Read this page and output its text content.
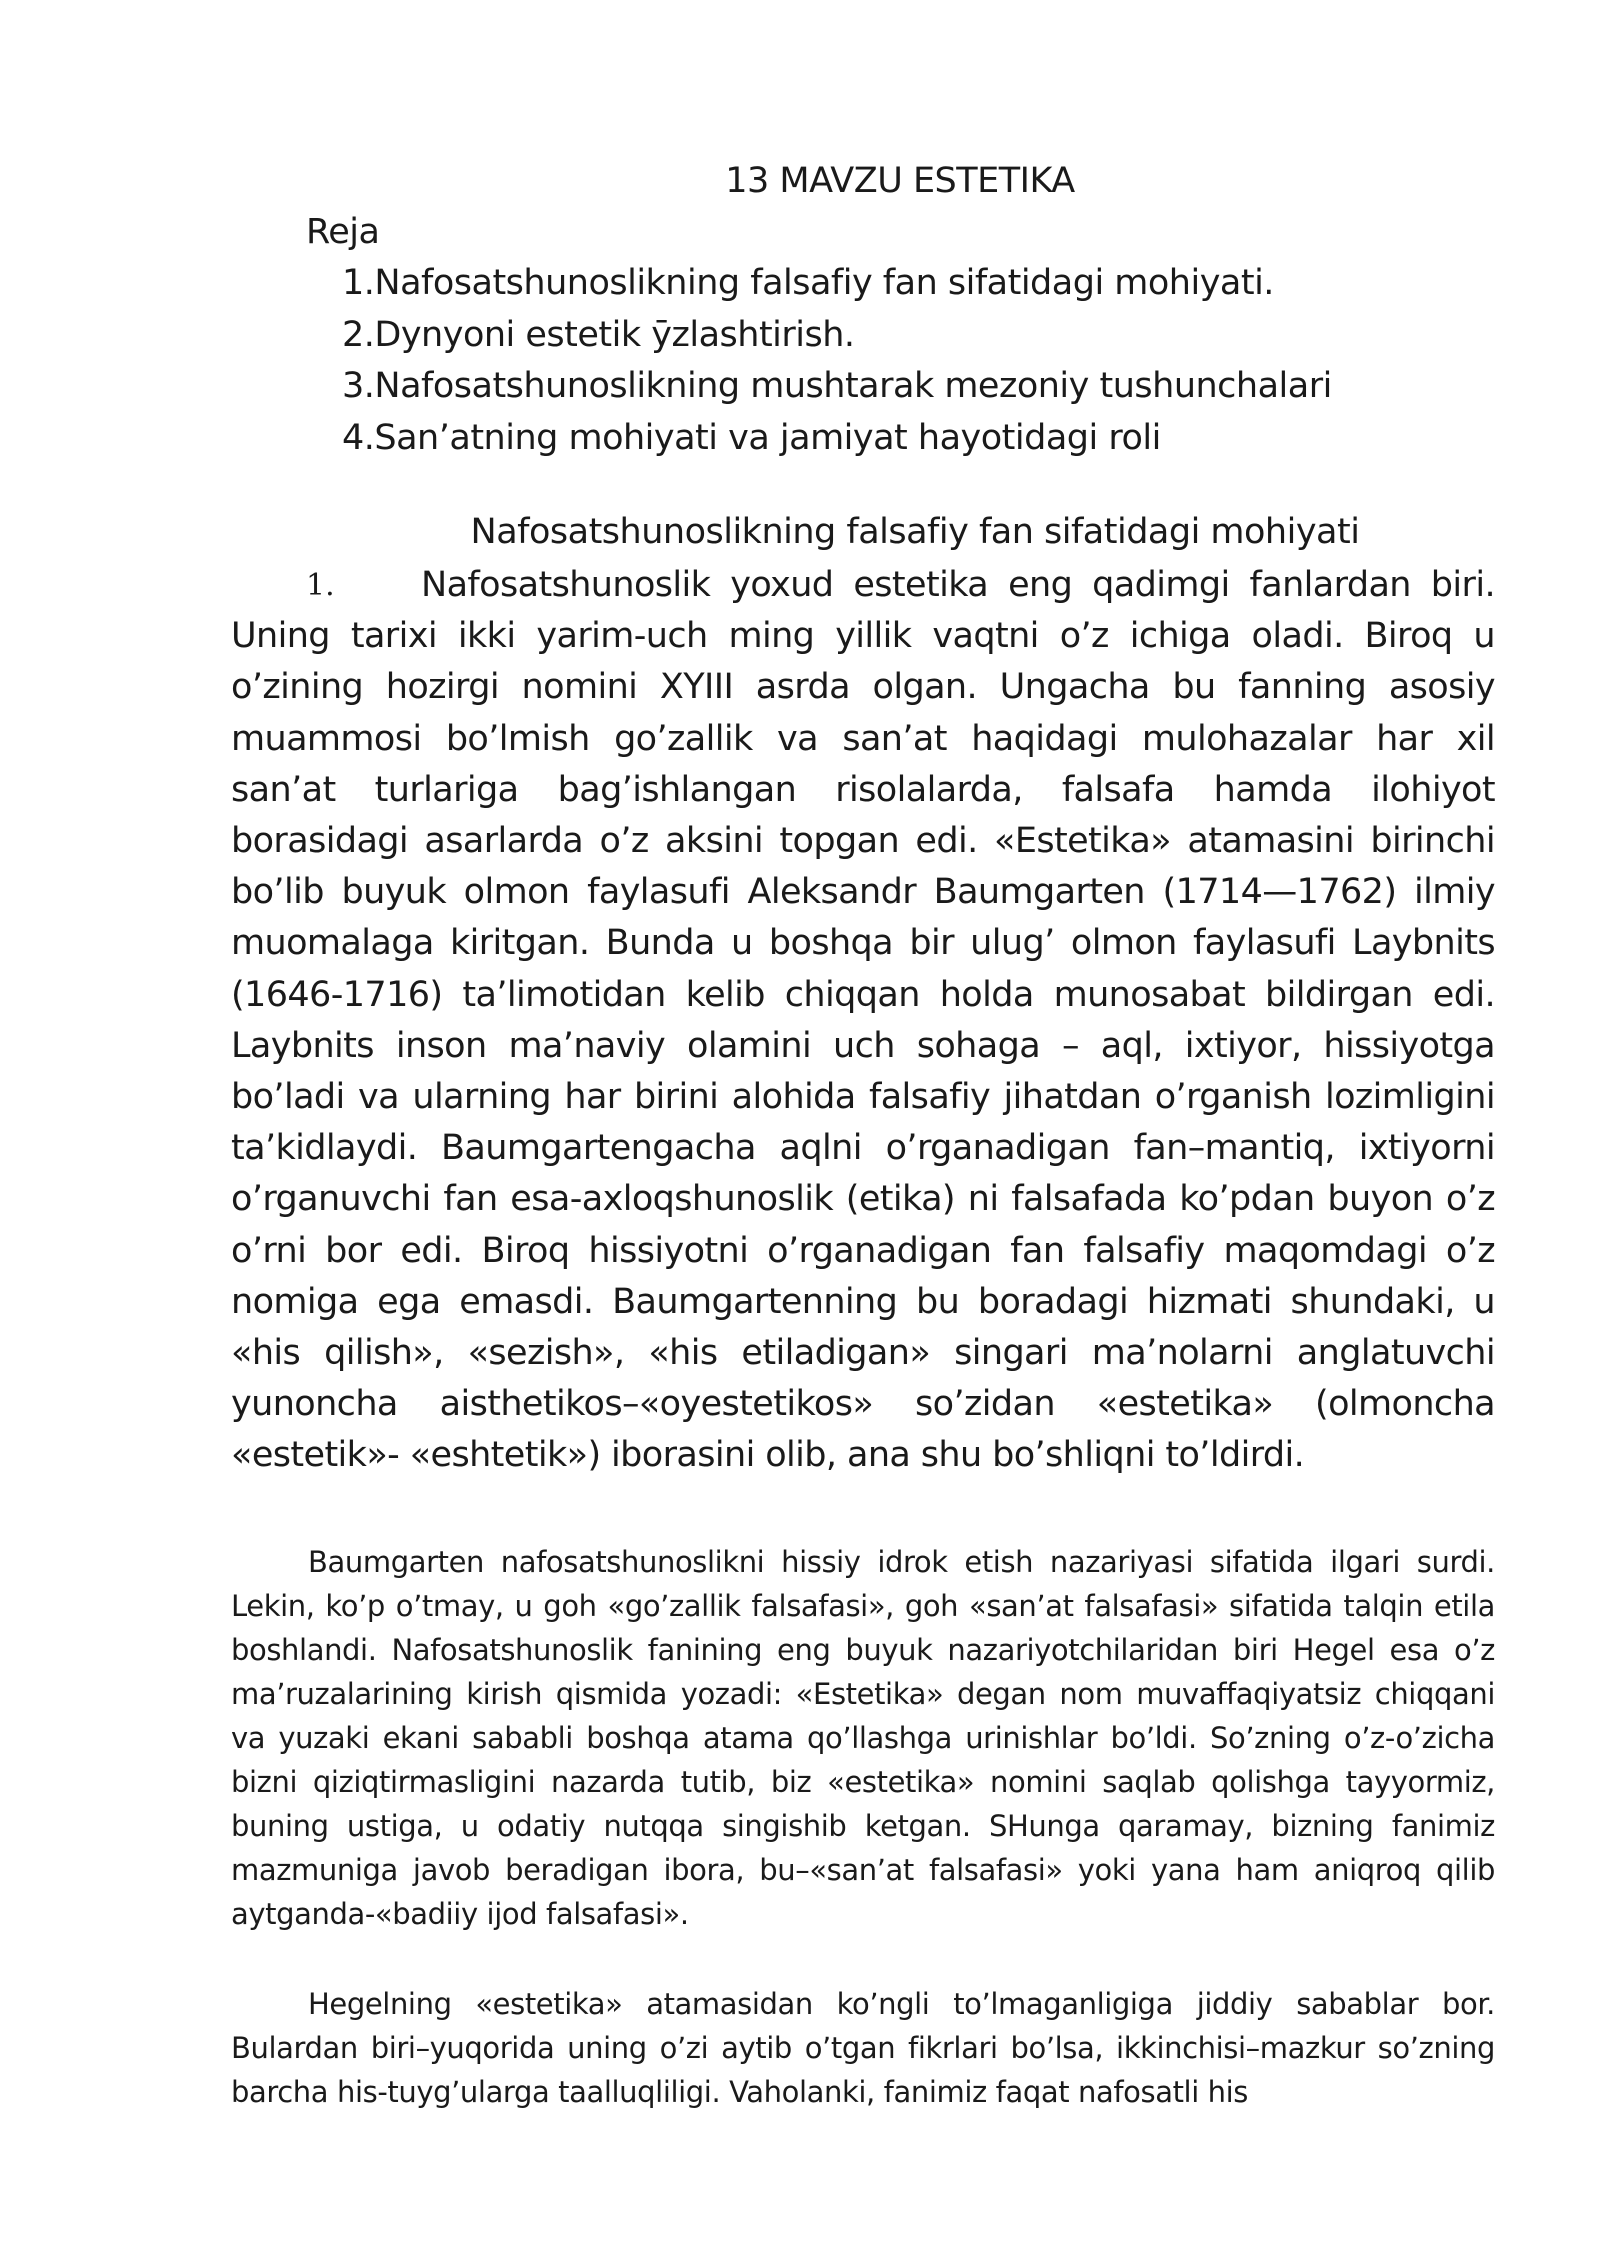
13 MAVZU ESTETIKA
Reja
1.Nafosatshunoslikning falsafiy fan sifatidagi mohiyati.
2.Dynyoni estetik ӯzlashtirish.
3.Nafosatshunoslikning mushtarak mezoniy tushunchalari
4.San’atning mohiyati va jamiyat hayotidagi roli
Nafosatshunoslikning falsafiy fan sifatidagi mohiyati
1.	Nafosatshunoslik yoxud estetika eng qadimgi fanlardan biri. Uning tarixi ikki yarim-uch ming yillik vaqtni o’z ichiga oladi. Biroq u o’zining hozirgi nomini XYIII asrda olgan. Ungacha bu fanning asosiy muammosi bo’lmish go’zallik va san’at haqidagi mulohazalar har xil san’at turlariga bag’ishlangan risolalarda, falsafa hamda ilohiyot borasidagi asarlarda o’z aksini topgan edi. «Estetika» atamasini birinchi bo’lib buyuk olmon faylasufi Aleksandr Baumgarten (1714—1762) ilmiy muomalaga kiritgan. Bunda u boshqa bir ulug’ olmon faylasufi Laybnits (1646-1716) ta’limotidan kelib chiqqan holda munosabat bildirgan edi. Laybnits inson ma’naviy olamini uch sohaga – aql, ixtiyor, hissiyotga bo’ladi va ularning har birini alohida falsafiy jihatdan o’rganish lozimligini ta’kidlaydi. Baumgartengacha aqlni o’rganadigan fan–mantiq, ixtiyorni o’rganuvchi fan esa-axloqshunoslik (etika) ni falsafada ko’pdan buyon o’z o’rni bor edi. Biroq hissiyotni o’rganadigan fan falsafiy maqomdagi o’z nomiga ega emasdi. Baumgartenning bu boradagi hizmati shundaki, u «his qilish», «sezish», «his etiladigan» singari ma’nolarni anglatuvchi yunoncha aisthetikos–«oyestetikos» so’zidan «estetika» (olmoncha «estetik»- «eshtetik») iborasini olib, ana shu bo’shliqni to’ldirdi.

Baumgarten nafosatshunoslikni hissiy idrok etish nazariyasi sifatida ilgari surdi. Lekin, ko’p o’tmay, u goh «go’zallik falsafasi», goh «san’at falsafasi» sifatida talqin etila boshlandi. Nafosatshunoslik fanining eng buyuk nazariyotchilaridan biri Hegel esa o’z ma’ruzalarining kirish qismida yozadi: «Estetika» degan nom muvaffaqiyatsiz chiqqani va yuzaki ekani sababli boshqa atama qo’llashga urinishlar bo’ldi. So’zning o’z-o’zicha bizni qiziqtirmasligini nazarda tutib, biz «estetika» nomini saqlab qolishga tayyormiz, buning ustiga, u odatiy nutqqa singishib ketgan. SHunga qaramay, bizning fanimiz mazmuniga javob beradigan ibora, bu–«san’at falsafasi» yoki yana ham aniqroq qilib aytganda-«badiiy ijod falsafasi».

Hegelning «estetika» atamasidan ko’ngli to’lmaganligiga jiddiy sabablar bor. Bulardan biri–yuqorida uning o’zi aytib o’tgan fikrlari bo’lsa, ikkinchisi–mazkur so’zning barcha his-tuyg’ularga taalluqliligi. Vaholanki, fanimiz faqat nafosatli his
